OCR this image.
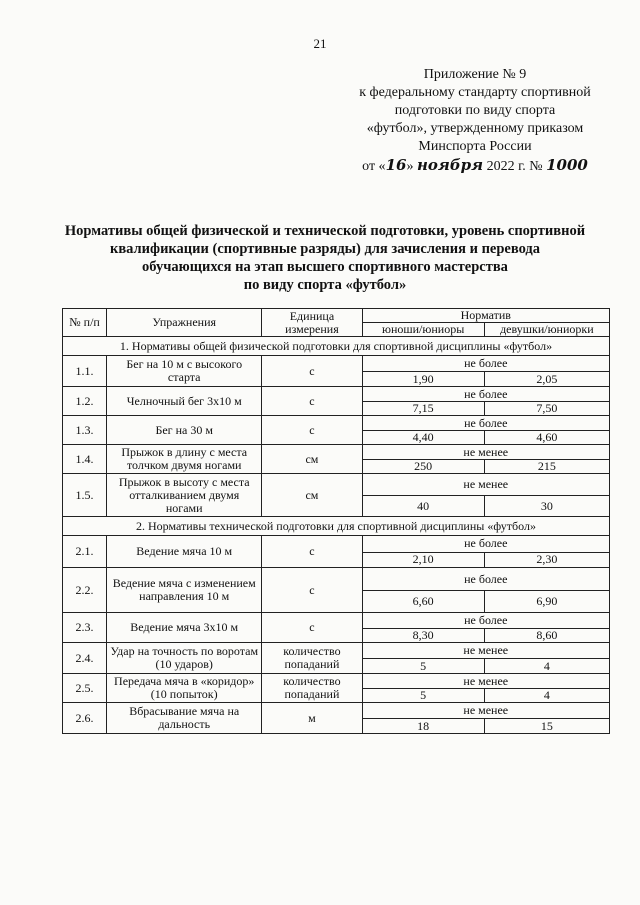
21
Приложение № 9
к федеральному стандарту спортивной
подготовки по виду спорта
«футбол», утвержденному приказом
Минспорта России
от «16» ноября 2022 г. № 1000
Нормативы общей физической и технической подготовки, уровень спортивной
квалификации (спортивные разряды) для зачисления и перевода
обучающихся на этап высшего спортивного мастерства
по виду спорта «футбол»
№ п/п	Упражнения	Единица измерения	Норматив	
			юноши/юниоры	девушки/юниорки
1. Нормативы общей физической подготовки для спортивной дисциплины «футбол»				
1.1.	Бег на 10 м с высокого старта	с	не более	
			1,90	2,05
1.2.	Челночный бег 3x10 м	с	не более	
			7,15	7,50
1.3.	Бег на 30 м	с	не более	
			4,40	4,60
1.4.	Прыжок в длину с места толчком двумя ногами	см	не менее	
			250	215
1.5.	Прыжок в высоту с места отталкиванием двумя ногами	см	не менее	
			40	30
2. Нормативы технической подготовки для спортивной дисциплины «футбол»				
2.1.	Ведение мяча 10 м	с	не более	
			2,10	2,30
2.2.	Ведение мяча с изменением направления 10 м	с	не более	
			6,60	6,90
2.3.	Ведение мяча 3x10 м	с	не более	
			8,30	8,60
2.4.	Удар на точность по воротам (10 ударов)	количество попаданий	не менее	
			5	4
2.5.	Передача мяча в «коридор» (10 попыток)	количество попаданий	не менее	
			5	4
2.6.	Вбрасывание мяча на дальность	м	не менее	
			18	15
